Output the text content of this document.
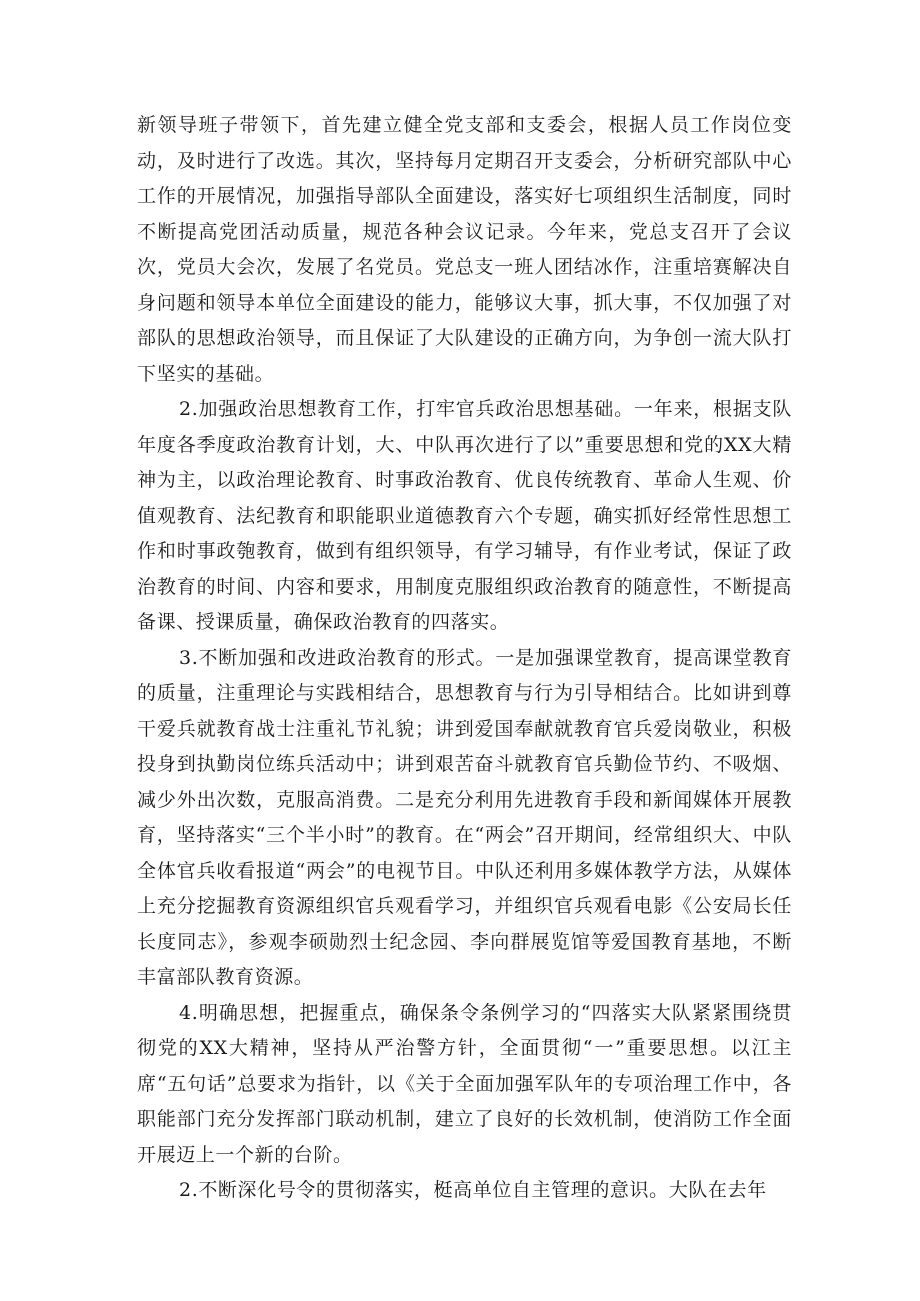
新领导班子带领下，首先建立健全党支部和支委会，根据人员工作岗位变动，及时进行了改选。其次，坚持每月定期召开支委会，分析研究部队中心工作的开展情况，加强指导部队全面建设，落实好七项组织生活制度，同时不断提高党团活动质量，规范各种会议记录。今年来，党总支召开了会议次，党员大会次，发展了名党员。党总支一班人团结冰作，注重培赛解决自身问题和领导本单位全面建设的能力，能够议大事，抓大事，不仅加强了对部队的思想政治领导，而且保证了大队建设的正确方向，为争创一流大队打下坚实的基础。

2.加强政治思想教育工作，打牢官兵政治思想基础。一年来，根据支队年度各季度政治教育计划，大、中队再次进行了以”重要思想和党的XX大精神为主，以政治理论教育、时事政治教育、优良传统教育、革命人生观、价值观教育、法纪教育和职能职业道德教育六个专题，确实抓好经常性思想工作和时事政匏教育，做到有组织领导，有学习辅导，有作业考试，保证了政治教育的时间、内容和要求，用制度克服组织政治教育的随意性，不断提高备课、授课质量，确保政治教育的四落实。

3.不断加强和改进政治教育的形式。一是加强课堂教育，提高课堂教育的质量，注重理论与实践相结合，思想教育与行为引导相结合。比如讲到尊干爱兵就教育战士注重礼节礼貌；讲到爱国奉献就教育官兵爱岗敬业，积极投身到执勤岗位练兵活动中；讲到艰苦奋斗就教育官兵勤俭节约、不吸烟、减少外出次数，克服高消费。二是充分利用先进教育手段和新闻媒体开展教育，坚持落实“三个半小时”的教育。在“两会”召开期间，经常组织大、中队全体官兵收看报道“两会”的电视节目。中队还利用多媒体教学方法，从媒体上充分挖掘教育资源组织官兵观看学习，并组织官兵观看电影《公安局长任长度同志》，参观李硕勋烈士纪念园、李向群展览馆等爱国教育基地，不断丰富部队教育资源。

4.明确思想，把握重点，确保条令条例学习的“四落实大队紧紧围绕贯彻党的XX大精神，坚持从严治警方针，全面贯彻“一”重要思想。以江主席“五句话”总要求为指针，以《关于全面加强军队年的专项治理工作中，各职能部门充分发挥部门联动机制，建立了良好的长效机制，使消防工作全面开展迈上一个新的台阶。

2.不断深化号令的贯彻落实，梃高单位自主管理的意识。大队在去年
